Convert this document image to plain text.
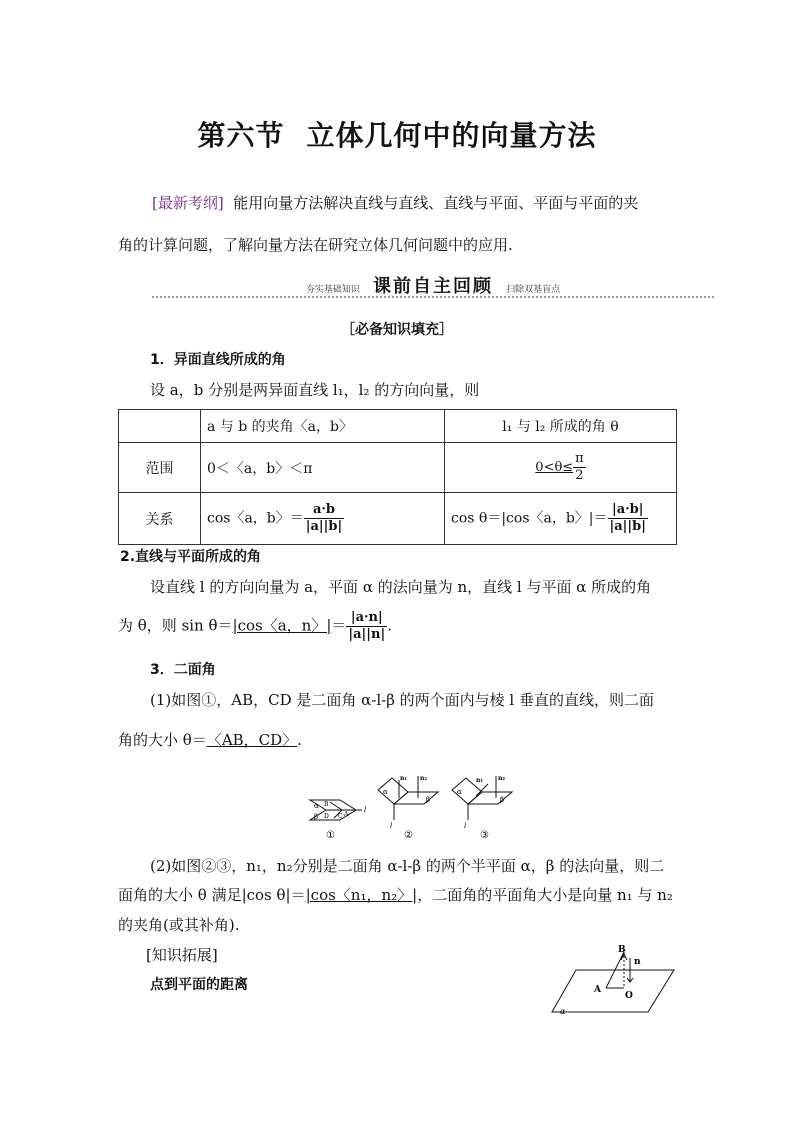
第六节 立体几何中的向量方法
[最新考纲] 能用向量方法解决直线与直线、直线与平面、平面与平面的夹
角的计算问题，了解向量方法在研究立体几何问题中的应用.
夯实基础知识 课前自主回顾 扫除双基盲点
［必备知识填充］
1．异面直线所成的角
设 a，b 分别是两异面直线 l₁，l₂ 的方向向量，则
	a 与 b 的夹角〈a，b〉	l₁ 与 l₂ 所成的角 θ
范围	0＜〈a，b〉＜π	$0<\theta\le \frac{\pi}{2}$

关系	cos〈a，b〉＝ $\frac{a\cdot b}{|a||b|}$	cos θ＝|cos〈a，b〉|＝ $\frac{|a\cdot b|}{|a||b|}$
2.直线与平面所成的角
设直线 l 的方向向量为 a，平面 α 的法向量为 n，直线 l 与平面 α 所成的角
为 θ，则 sin θ＝|cos〈a，n〉|＝ $\frac{|a\cdot n|}{|a||n|}$ .
3．二面角
(1)如图①，AB，CD 是二面角 α-l-β 的两个面内与棱 l 垂直的直线，则二面
角的大小 θ＝〈AB，CD〉.
α B
β D C A
l
①
n₁ n₂
α
β
l
②
n₁	n₂
α
β
l
③
(2)如图②③，n₁，n₂分别是二面角 α-l-β 的两个半平面 α，β 的法向量，则二
面角的大小 θ 满足|cos θ|＝|cos〈n₁，n₂〉|，二面角的平面角大小是向量 n₁ 与 n₂
的夹角(或其补角).
[知识拓展]
点到平面的距离
B
n
A
O
α
